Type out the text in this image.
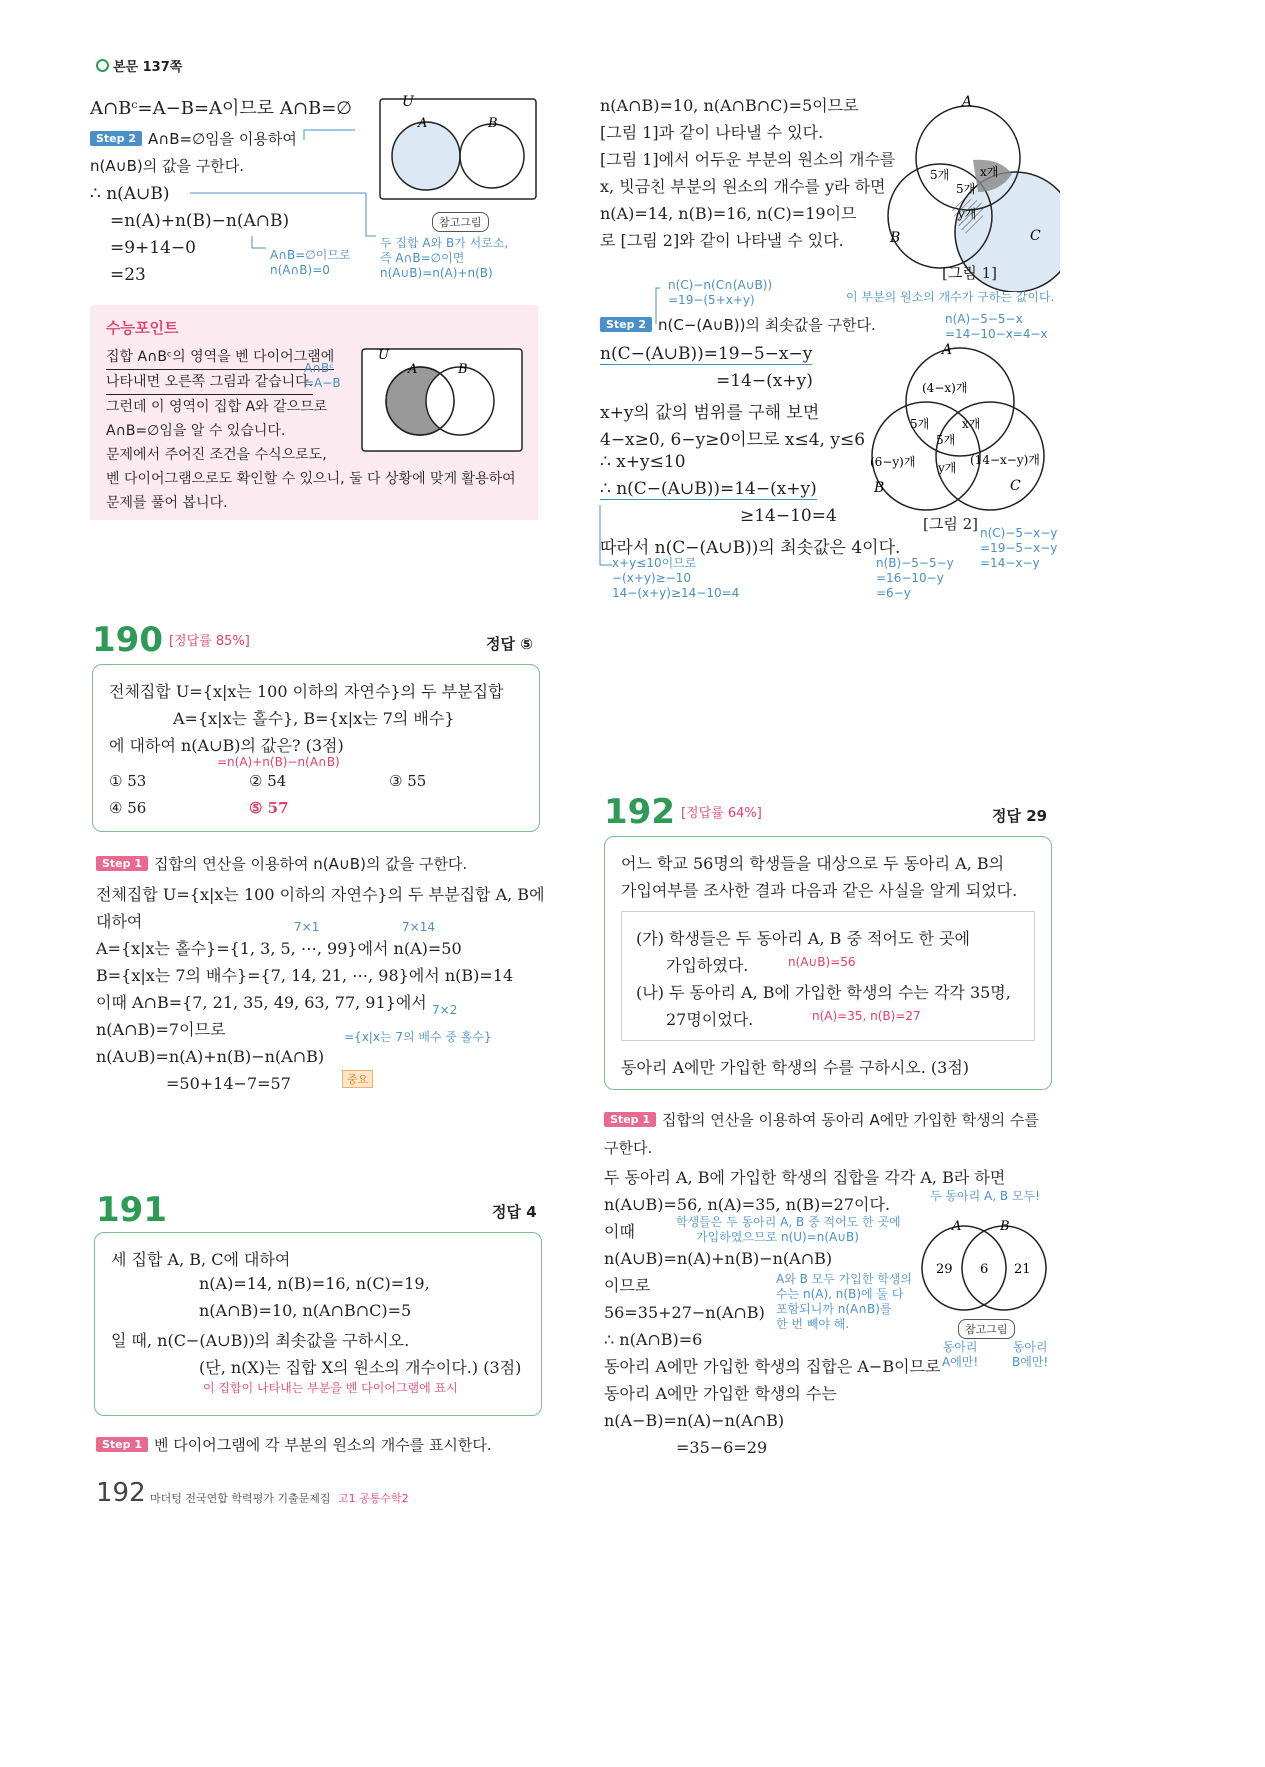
본문 137쪽
A∩Bᶜ=A−B=A이므로 A∩B=∅
Step 2 A∩B=∅임을 이용하여
n(A∪B)의 값을 구한다.
∴ n(A∪B)
=n(A)+n(B)−n(A∩B)
=9+14−0
=23
A∩B=∅이므로
n(A∩B)=0
두 집합 A와 B가 서로소,
즉 A∩B=∅이면
n(A∪B)=n(A)+n(B)
참고그림
U
A	B
수능포인트
집합 A∩Bᶜ의 영역을 벤 다이어그램에
나타내면 오른쪽 그림과 같습니다.

그런데 이 영역이 집합 A와 같으므로
A∩B=∅임을 알 수 있습니다.
문제에서 주어진 조건을 수식으로도,
벤 다이어그램으로도 확인할 수 있으니, 둘 다 상황에 맞게 활용하여
문제를 풀어 봅니다.
A∩Bᶜ
=A−B
U
A	B
n(A∩B)=10, n(A∩B∩C)=5이므로
[그림 1]과 같이 나타낼 수 있다.
[그림 1]에서 어두운 부분의 원소의 개수를
x, 빗금친 부분의 원소의 개수를 y라 하면
n(A)=14, n(B)=16, n(C)=19이므
로 [그림 2]와 같이 나타낼 수 있다.
A
B	C
5개	x개
5개
y개
[그림 1]
이 부분의 원소의 개수가 구하는 값이다.
n(C)−n(C∩(A∪B))
=19−(5+x+y)
Step 2 n(C−(A∪B))의 최솟값을 구한다.	n(A)−5−5−x
=14−10−x=4−x
n(C−(A∪B))=19−5−x−y
=14−(x+y)
x+y의 값의 범위를 구해 보면
4−x≥0, 6−y≥0이므로 x≤4, y≤6
∴ x+y≤10
∴ n(C−(A∪B))=14−(x+y)
≥14−10=4
따라서 n(C−(A∪B))의 최솟값은 4이다.
x+y≤10이므로
−(x+y)≥−10
14−(x+y)≥14−10=4
A
B	C
(4−x)개
5개	x개
5개
(6−y)개 y개
(14−x−y)개
[그림 2]
n(B)−5−5−y
=16−10−y
=6−y
n(C)−5−x−y
=19−5−x−y
=14−x−y
190 [정답률 85%]	정답 ⑤
전체집합 U={x|x는 100 이하의 자연수}의 두 부분집합
A={x|x는 홀수}, B={x|x는 7의 배수}
에 대하여 n(A∪B)의 값은? (3점)
=n(A)+n(B)−n(A∩B)
① 53	② 54	③ 55
④ 56	⑤ 57
Step 1 집합의 연산을 이용하여 n(A∪B)의 값을 구한다.
전체집합 U={x|x는 100 이하의 자연수}의 두 부분집합 A, B에
대하여
A={x|x는 홀수}={1, 3, 5, ⋯, 99}에서 n(A)=50
B={x|x는 7의 배수}={7, 14, 21, ⋯, 98}에서 n(B)=14
이때 A∩B={7, 21, 35, 49, 63, 77, 91}에서
n(A∩B)=7이므로
n(A∪B)=n(A)+n(B)−n(A∩B)
=50+14−7=57
7×1	7×14
7×2
={x|x는 7의 배수 중 홀수}
중요
191	정답 4
세 집합 A, B, C에 대하여
n(A)=14, n(B)=16, n(C)=19,
n(A∩B)=10, n(A∩B∩C)=5
일 때, n(C−(A∪B))의 최솟값을 구하시오.
(단, n(X)는 집합 X의 원소의 개수이다.) (3점)
이 집합이 나타내는 부분을 벤 다이어그램에 표시
Step 1 벤 다이어그램에 각 부분의 원소의 개수를 표시한다.
192 [정답률 64%]	정답 29
어느 학교 56명의 학생들을 대상으로 두 동아리 A, B의
가입여부를 조사한 결과 다음과 같은 사실을 알게 되었다.
(가) 학생들은 두 동아리 A, B 중 적어도 한 곳에
가입하였다.	n(A∪B)=56
(나) 두 동아리 A, B에 가입한 학생의 수는 각각 35명,
27명이었다.	n(A)=35, n(B)=27
동아리 A에만 가입한 학생의 수를 구하시오. (3점)
Step 1 집합의 연산을 이용하여 동아리 A에만 가입한 학생의 수를
구한다.
두 동아리 A, B에 가입한 학생의 집합을 각각 A, B라 하면
n(A∪B)=56, n(A)=35, n(B)=27이다.
이때
n(A∪B)=n(A)+n(B)−n(A∩B)
이므로
56=35+27−n(A∩B)
∴ n(A∩B)=6
동아리 A에만 가입한 학생의 집합은 A−B이므로
동아리 A에만 가입한 학생의 수는
n(A−B)=n(A)−n(A∩B)
=35−6=29
학생들은 두 동아리 A, B 중 적어도 한 곳에
가입하였으므로 n(U)=n(A∪B)
A와 B 모두 가입한 학생의
수는 n(A), n(B)에 둘 다
포함되니까 n(A∩B)를
한 번 빼야 해.
두 동아리 A, B 모두!
A	B
29 6 21
참고그림
동아리
A에만!
동아리
B에만!
192 마더텅 전국연합 학력평가 기출문제집 고1 공통수학2
